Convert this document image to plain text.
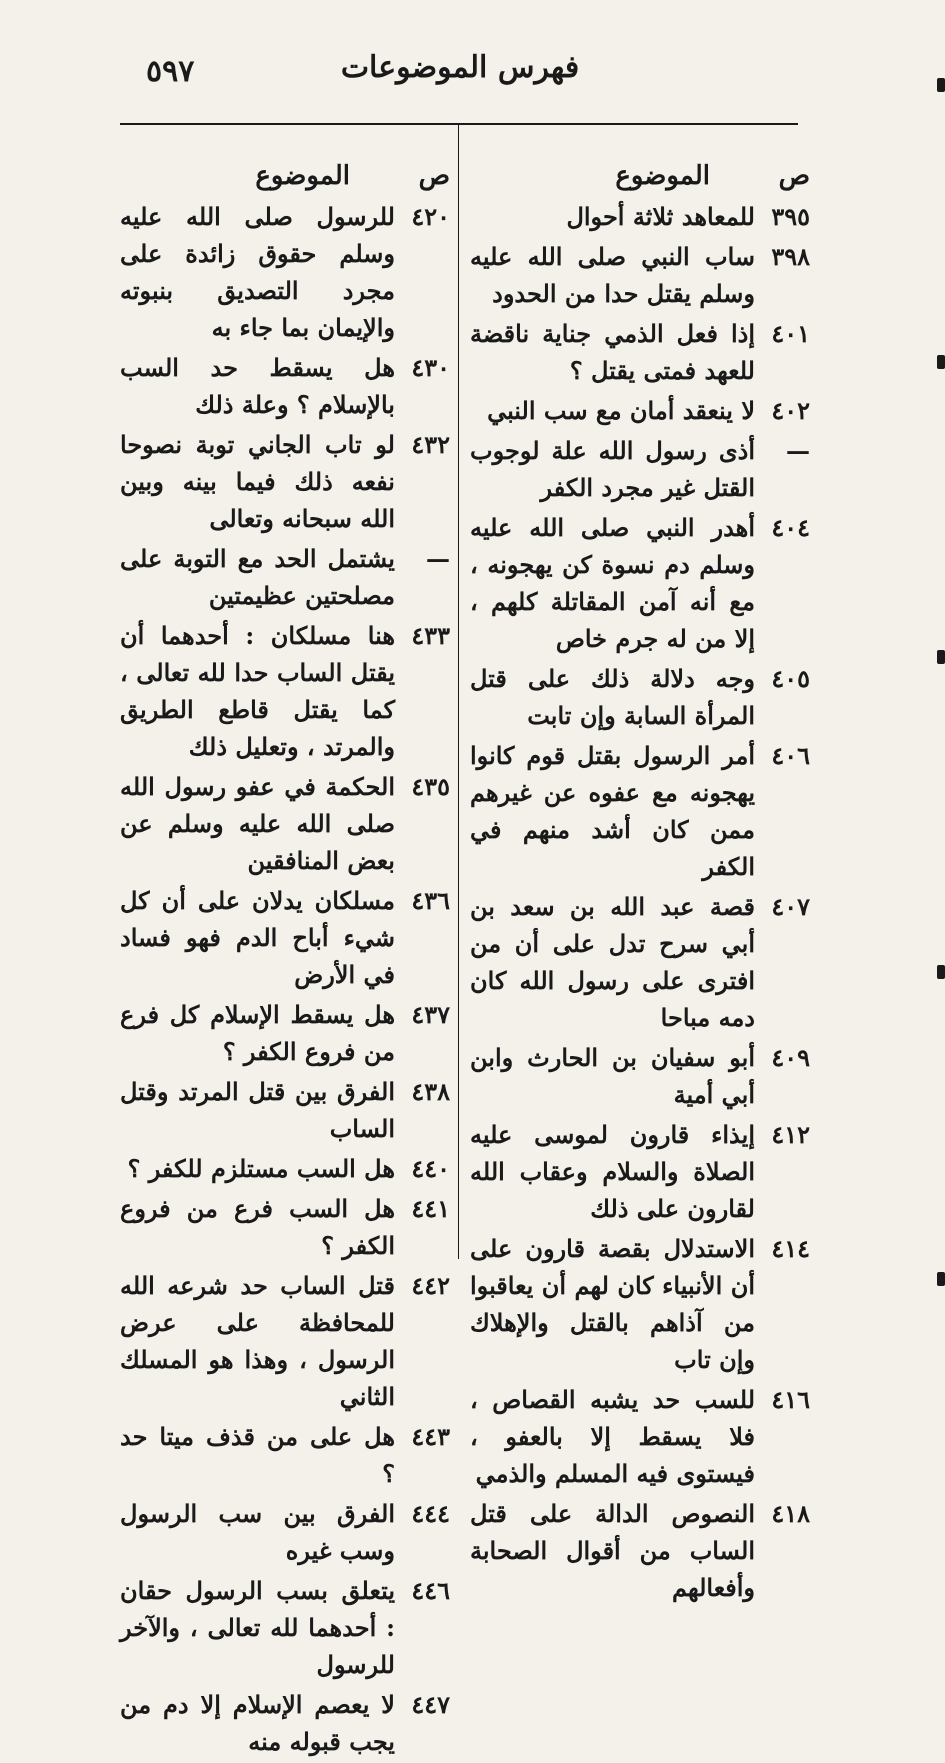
٥٩٧	فهرس الموضوعات
ص
الموضوع
٣٩٥
للمعاهد ثلاثة أحوال
٣٩٨
ساب النبي صلى الله عليه وسلم يقتل حدا من الحدود
٤٠١
إذا فعل الذمي جناية ناقضة للعهد فمتى يقتل ؟
٤٠٢
لا ينعقد أمان مع سب النبي
—
أذى رسول الله علة لوجوب القتل غير مجرد الكفر
٤٠٤
أهدر النبي صلى الله عليه وسلم دم نسوة كن يهجونه ، مع أنه آمن المقاتلة كلهم ، إلا من له جرم خاص
٤٠٥
وجه دلالة ذلك على قتل المرأة السابة وإن تابت
٤٠٦
أمر الرسول بقتل قوم كانوا يهجونه مع عفوه عن غيرهم ممن كان أشد منهم في الكفر
٤٠٧
قصة عبد الله بن سعد بن أبي سرح تدل على أن من افترى على رسول الله كان دمه مباحا
٤٠٩
أبو سفيان بن الحارث وابن أبي أمية
٤١٢
إيذاء قارون لموسى عليه الصلاة والسلام وعقاب الله لقارون على ذلك
٤١٤
الاستدلال بقصة قارون على أن الأنبياء كان لهم أن يعاقبوا من آذاهم بالقتل والإهلاك وإن تاب
٤١٦
للسب حد يشبه القصاص ، فلا يسقط إلا بالعفو ، فيستوى فيه المسلم والذمي
٤١٨
النصوص الدالة على قتل الساب من أقوال الصحابة وأفعالهم
ص
الموضوع
٤٢٠
للرسول صلى الله عليه وسلم حقوق زائدة على مجرد التصديق بنبوته والإيمان بما جاء به
٤٣٠
هل يسقط حد السب بالإسلام ؟ وعلة ذلك
٤٣٢
لو تاب الجاني توبة نصوحا نفعه ذلك فيما بينه وبين الله سبحانه وتعالى
—
يشتمل الحد مع التوبة على مصلحتين عظيمتين
٤٣٣
هنا مسلكان : أحدهما أن يقتل الساب حدا لله تعالى ، كما يقتل قاطع الطريق والمرتد ، وتعليل ذلك
٤٣٥
الحكمة في عفو رسول الله صلى الله عليه وسلم عن بعض المنافقين
٤٣٦
مسلكان يدلان على أن كل شيء أباح الدم فهو فساد في الأرض
٤٣٧
هل يسقط الإسلام كل فرع من فروع الكفر ؟
٤٣٨
الفرق بين قتل المرتد وقتل الساب
٤٤٠
هل السب مستلزم للكفر ؟
٤٤١
هل السب فرع من فروع الكفر ؟
٤٤٢
قتل الساب حد شرعه الله للمحافظة على عرض الرسول ، وهذا هو المسلك الثاني
٤٤٣
هل على من قذف ميتا حد ؟
٤٤٤
الفرق بين سب الرسول وسب غيره
٤٤٦
يتعلق بسب الرسول حقان : أحدهما لله تعالى ، والآخر للرسول
٤٤٧
لا يعصم الإسلام إلا دم من يجب قبوله منه
